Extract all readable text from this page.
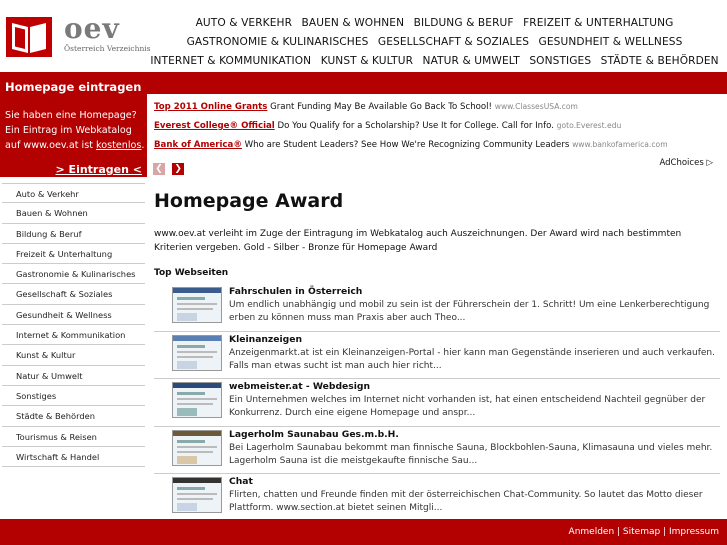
oev
Österreich Verzeichnis
AUTO & VERKEHR BAUEN & WOHNEN BILDUNG & BERUF FREIZEIT & UNTERHALTUNG GASTRONOMIE & KULINARISCHES GESELLSCHAFT & SOZIALES GESUNDHEIT & WELLNESS INTERNET & KOMMUNIKATION KUNST & KULTUR NATUR & UMWELT SONSTIGES STÄDTE & BEHÖRDEN
Homepage eintragen
Sie haben eine Homepage? Ein Eintrag im Webkatalog auf www.oev.at ist kostenlos.
> Eintragen <
Auto & Verkehr
Bauen & Wohnen
Bildung & Beruf
Freizeit & Unterhaltung
Gastronomie & Kulinarisches
Gesellschaft & Soziales
Gesundheit & Wellness
Internet & Kommunikation
Kunst & Kultur
Natur & Umwelt
Sonstiges
Städte & Behörden
Tourismus & Reisen
Wirtschaft & Handel
Top 2011 Online Grants Grant Funding May Be Available Go Back To School! www.ClassesUSA.com
Everest College® Official Do You Qualify for a Scholarship? Use It for College. Call for Info. goto.Everest.edu
Bank of America® Who are Student Leaders? See How We're Recognizing Community Leaders www.bankofamerica.com
❮ ❯
AdChoices ▷
Homepage Award
www.oev.at verleiht im Zuge der Eintragung im Webkatalog auch Auszeichnungen. Der Award wird nach bestimmten Kriterien vergeben. Gold - Silber - Bronze für Homepage Award
Top Webseiten
Fahrschulen in Österreich
Um endlich unabhängig und mobil zu sein ist der Führerschein der 1. Schritt! Um eine Lenkerberechtigung erben zu können muss man Praxis aber auch Theo...
Kleinanzeigen
Anzeigenmarkt.at ist ein Kleinanzeigen-Portal - hier kann man Gegenstände inserieren und auch verkaufen. Falls man etwas sucht ist man auch hier richt...
webmeister.at - Webdesign
Ein Unternehmen welches im Internet nicht vorhanden ist, hat einen entscheidend Nachteil gegnüber der Konkurrenz. Durch eine eigene Homepage und anspr...
Lagerholm Saunabau Ges.m.b.H.
Bei Lagerholm Saunabau bekommt man finnische Sauna, Blockbohlen-Sauna, Klimasauna und vieles mehr. Lagerholm Sauna ist die meistgekaufte finnische Sau...
Chat
Flirten, chatten und Freunde finden mit der österreichischen Chat-Community. So lautet das Motto dieser Plattform. www.section.at bietet seinen Mitgli...
Anmelden | Sitemap | Impressum
